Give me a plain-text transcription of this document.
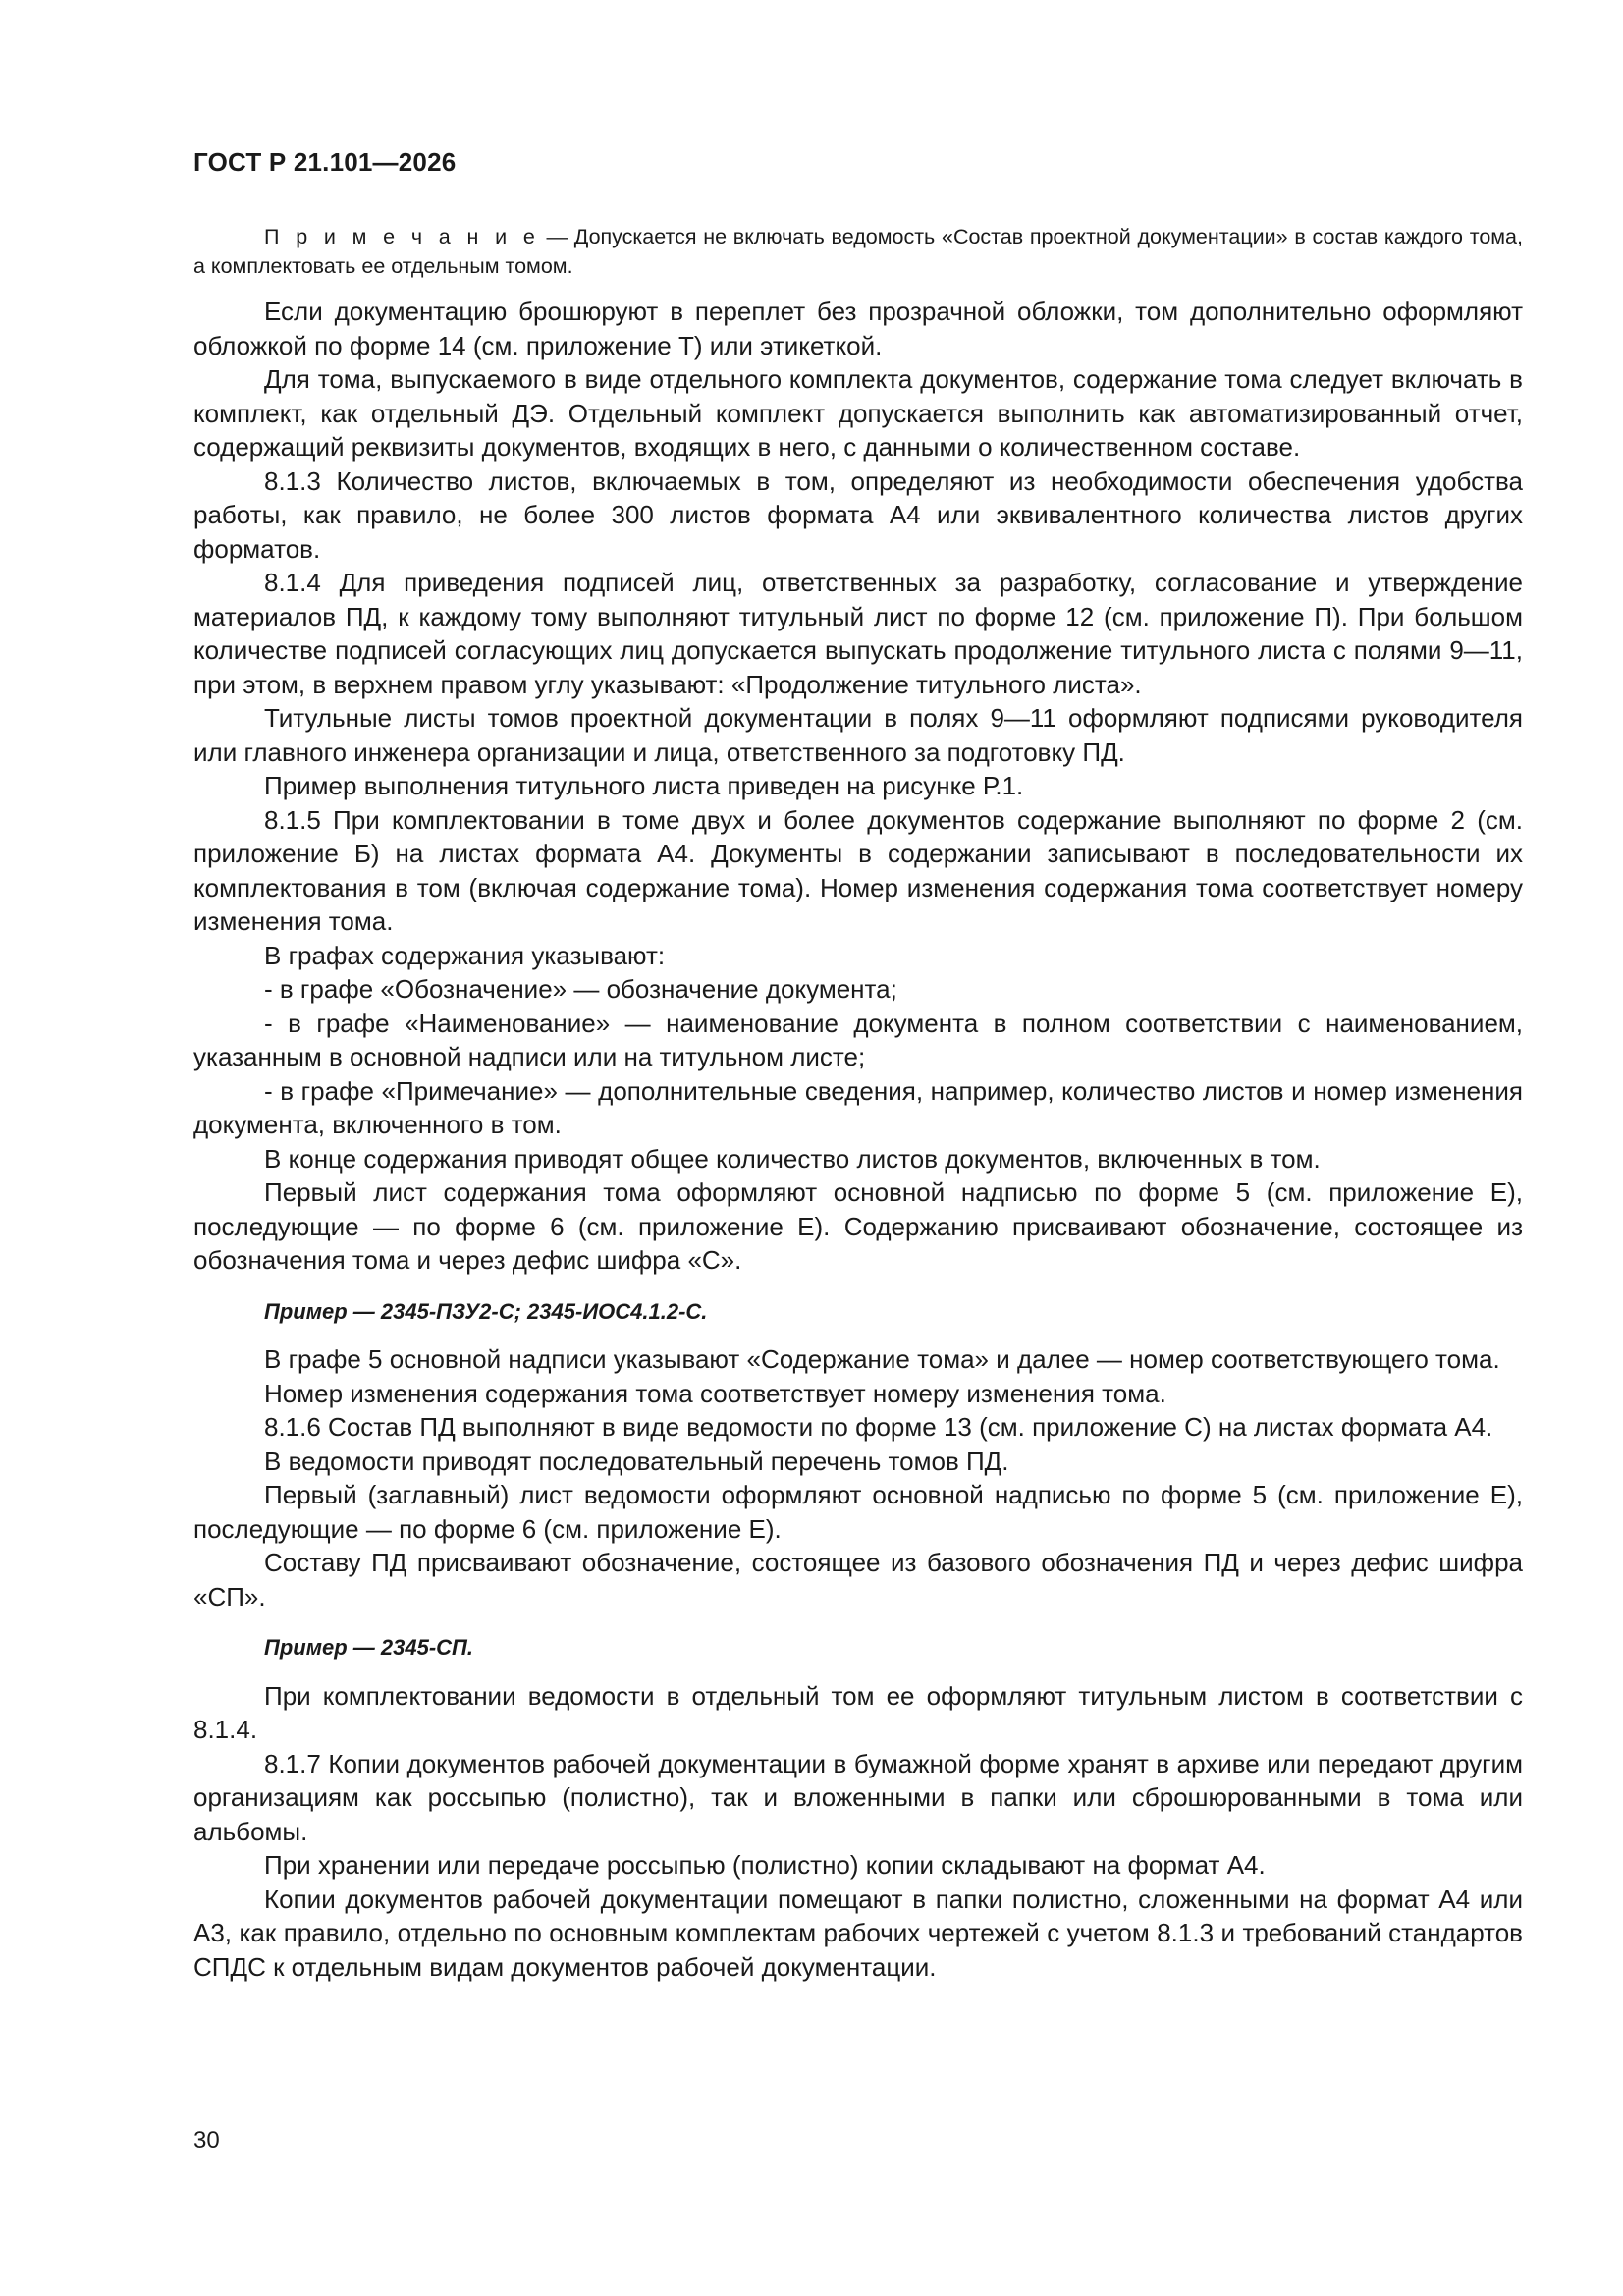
ГОСТ Р 21.101—2026

П р и м е ч а н и е — Допускается не включать ведомость «Состав проектной документации» в состав каждого тома, а комплектовать ее отдельным томом.

Если документацию брошюруют в переплет без прозрачной обложки, том дополнительно оформляют обложкой по форме 14 (см. приложение Т) или этикеткой.

Для тома, выпускаемого в виде отдельного комплекта документов, содержание тома следует включать в комплект, как отдельный ДЭ. Отдельный комплект допускается выполнить как автоматизированный отчет, содержащий реквизиты документов, входящих в него, с данными о количественном составе.

8.1.3 Количество листов, включаемых в том, определяют из необходимости обеспечения удобства работы, как правило, не более 300 листов формата А4 или эквивалентного количества листов других форматов.

8.1.4 Для приведения подписей лиц, ответственных за разработку, согласование и утверждение материалов ПД, к каждому тому выполняют титульный лист по форме 12 (см. приложение П). При большом количестве подписей согласующих лиц допускается выпускать продолжение титульного листа с полями 9—11, при этом, в верхнем правом углу указывают: «Продолжение титульного листа».

Титульные листы томов проектной документации в полях 9—11 оформляют подписями руководителя или главного инженера организации и лица, ответственного за подготовку ПД.

Пример выполнения титульного листа приведен на рисунке Р.1.

8.1.5 При комплектовании в томе двух и более документов содержание выполняют по форме 2 (см. приложение Б) на листах формата А4. Документы в содержании записывают в последовательности их комплектования в том (включая содержание тома). Номер изменения содержания тома соответствует номеру изменения тома.

В графах содержания указывают:

- в графе «Обозначение» — обозначение документа;

- в графе «Наименование» — наименование документа в полном соответствии с наименованием, указанным в основной надписи или на титульном листе;

- в графе «Примечание» — дополнительные сведения, например, количество листов и номер изменения документа, включенного в том.

В конце содержания приводят общее количество листов документов, включенных в том.

Первый лист содержания тома оформляют основной надписью по форме 5 (см. приложение Е), последующие — по форме 6 (см. приложение Е). Содержанию присваивают обозначение, состоящее из обозначения тома и через дефис шифра «С».

Пример — 2345-ПЗУ2-С; 2345-ИОС4.1.2-С.

В графе 5 основной надписи указывают «Содержание тома» и далее — номер соответствующего тома.

Номер изменения содержания тома соответствует номеру изменения тома.

8.1.6 Состав ПД выполняют в виде ведомости по форме 13 (см. приложение С) на листах формата А4.

В ведомости приводят последовательный перечень томов ПД.

Первый (заглавный) лист ведомости оформляют основной надписью по форме 5 (см. приложение Е), последующие — по форме 6 (см. приложение Е).

Составу ПД присваивают обозначение, состоящее из базового обозначения ПД и через дефис шифра «СП».

Пример — 2345-СП.

При комплектовании ведомости в отдельный том ее оформляют титульным листом в соответствии с 8.1.4.

8.1.7 Копии документов рабочей документации в бумажной форме хранят в архиве или передают другим организациям как россыпью (полистно), так и вложенными в папки или сброшюрованными в тома или альбомы.

При хранении или передаче россыпью (полистно) копии складывают на формат А4.

Копии документов рабочей документации помещают в папки полистно, сложенными на формат А4 или А3, как правило, отдельно по основным комплектам рабочих чертежей с учетом 8.1.3 и требований стандартов СПДС к отдельным видам документов рабочей документации.

30
